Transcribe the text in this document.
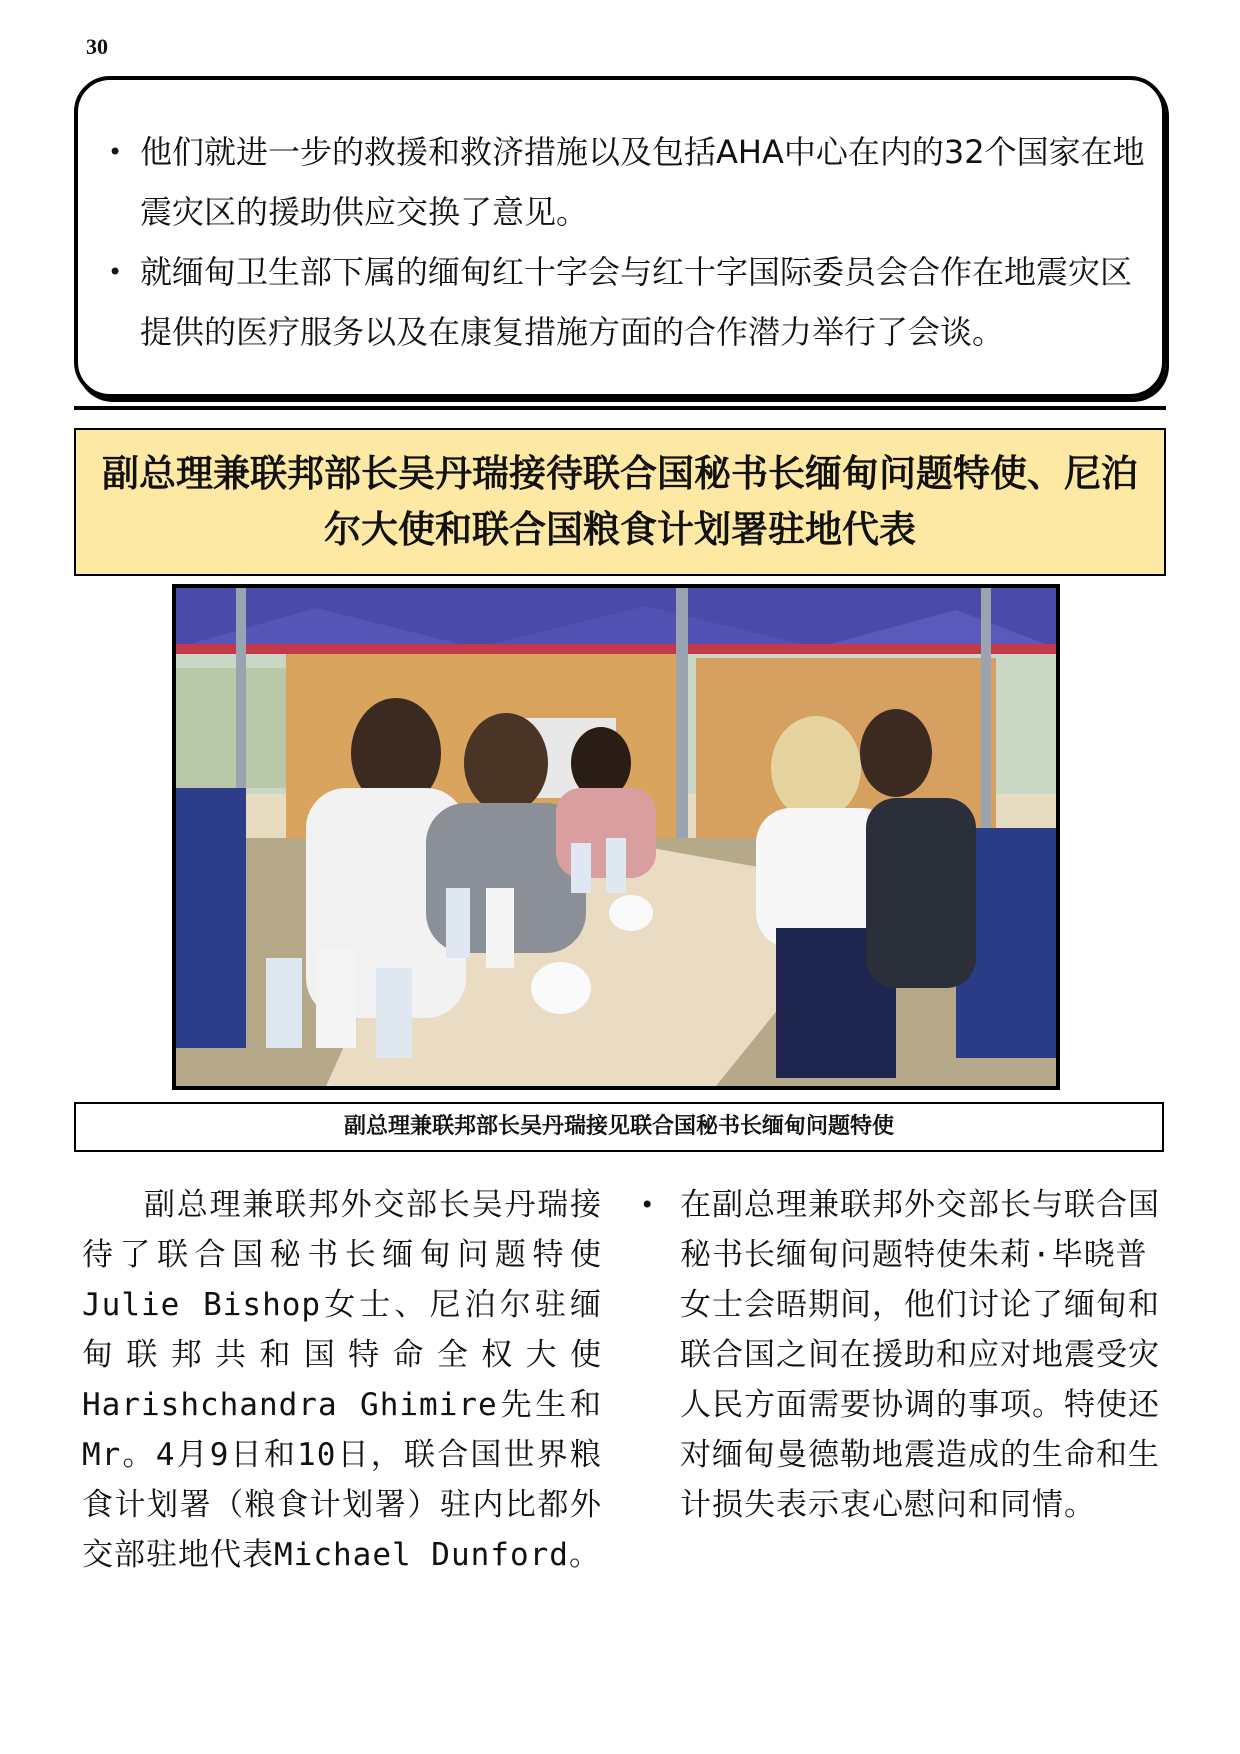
30
• 他们就进一步的救援和救济措施以及包括AHA中心在内的32个国家在地震灾区的援助供应交换了意见。
• 就缅甸卫生部下属的缅甸红十字会与红十字国际委员会合作在地震灾区提供的医疗服务以及在康复措施方面的合作潜力举行了会谈。
副总理兼联邦部长吴丹瑞接待联合国秘书长缅甸问题特使、尼泊尔大使和联合国粮食计划署驻地代表
副总理兼联邦部长吴丹瑞接见联合国秘书长缅甸问题特使

副总理兼联邦外交部长吴丹瑞接待了联合国秘书长缅甸问题特使Julie Bishop女士、尼泊尔驻缅甸联邦共和国特命全权大使Harishchandra Ghimire先生和Mr。4月9日和10日，联合国世界粮食计划署（粮食计划署）驻内比都外交部驻地代表Michael Dunford。

• 在副总理兼联邦外交部长与联合国秘书长缅甸问题特使朱莉·毕晓普女士会晤期间，他们讨论了缅甸和联合国之间在援助和应对地震受灾人民方面需要协调的事项。特使还对缅甸曼德勒地震造成的生命和生计损失表示衷心慰问和同情。
